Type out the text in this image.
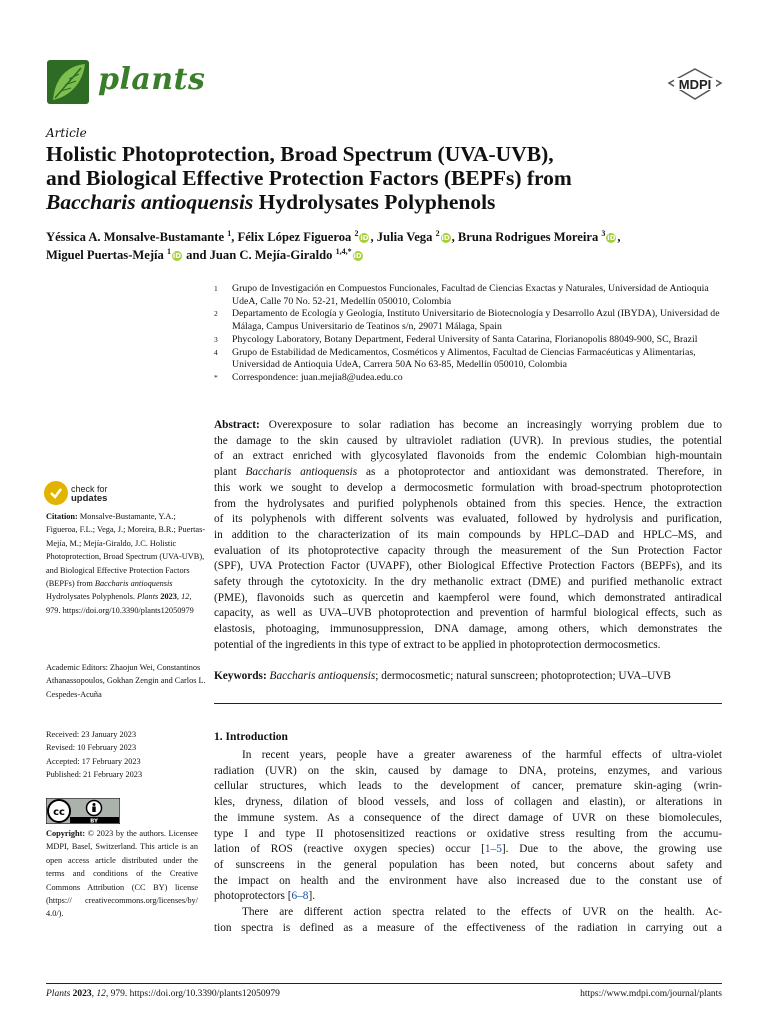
plants	MDPI
Article
Holistic Photoprotection, Broad Spectrum (UVA-UVB),
and Biological Effective Protection Factors (BEPFs) from
Baccharis antioquensis Hydrolysates Polyphenols
Yéssica A. Monsalve-Bustamante $^1$, Félix López Figueroa $^2$iD , Julia Vega $^2$iD , Bruna Rodrigues Moreira $^3$iD ,
Miguel Puertas-Mejía $^1$iD and Juan C. Mejía-Giraldo $^{1,4,*}$iD
1	Grupo de Investigación en Compuestos Funcionales, Facultad de Ciencias Exactas y Naturales, Universidad de Antioquia UdeA, Calle 70 No. 52-21, Medellín 050010, Colombia
2	Departamento de Ecología y Geología, Instituto Universitario de Biotecnología y Desarrollo Azul (IBYDA), Universidad de Málaga, Campus Universitario de Teatinos s/n, 29071 Málaga, Spain
3	Phycology Laboratory, Botany Department, Federal University of Santa Catarina, Florianopolis 88049-900, SC, Brazil
4	Grupo de Estabilidad de Medicamentos, Cosméticos y Alimentos, Facultad de Ciencias Farmacéuticas y Alimentarias, Universidad de Antioquia UdeA, Carrera 50A No 63-85, Medellín 050010, Colombia
*	Correspondence: juan.mejia8@udea.edu.co
Abstract: Overexposure to solar radiation has become an increasingly worrying problem due to
the damage to the skin caused by ultraviolet radiation (UVR). In previous studies, the potential
of an extract enriched with glycosylated flavonoids from the endemic Colombian high-mountain
plant Baccharis antioquensis as a photoprotector and antioxidant was demonstrated. Therefore, in
this work we sought to develop a dermocosmetic formulation with broad-spectrum photoprotection
from the hydrolysates and purified polyphenols obtained from this species. Hence, the extraction
of its polyphenols with different solvents was evaluated, followed by hydrolysis and purification,
in addition to the characterization of its main compounds by HPLC–DAD and HPLC–MS, and
evaluation of its photoprotective capacity through the measurement of the Sun Protection Factor
(SPF), UVA Protection Factor (UVAPF), other Biological Effective Protection Factors (BEPFs), and its
safety through the cytotoxicity. In the dry methanolic extract (DME) and purified methanolic extract
(PME), flavonoids such as quercetin and kaempferol were found, which demonstrated antiradical
capacity, as well as UVA–UVB photoprotection and prevention of harmful biological effects, such as
elastosis, photoaging, immunosuppression, DNA damage, among others, which demonstrates the
potential of the ingredients in this type of extract to be applied in photoprotection dermocosmetics.
Keywords: Baccharis antioquensis; dermocosmetic; natural sunscreen; photoprotection; UVA–UVB
check for
updates
Citation: Monsalve-Bustamante, Y.A.; Figueroa, F.L.; Vega, J.; Moreira, B.R.; Puertas-Mejía, M.; Mejía-Giraldo, J.C. Holistic Photoprotection, Broad Spectrum (UVA-UVB), and Biological Effective Protection Factors (BEPFs) from Baccharis antioquensis Hydrolysates Polyphenols. Plants 2023, 12, 979. https://doi.org/10.3390/plants12050979
Academic Editors: Zhaojun Wei, Constantinos Athanassopoulos, Gokhan Zengin and Carlos L. Cespedes-Acuña
Received: 23 January 2023
Revised: 10 February 2023
Accepted: 17 February 2023
Published: 21 February 2023
cc
BY
Copyright: © 2023 by the authors. Licensee MDPI, Basel, Switzerland. This article is an open access article distributed under the terms and conditions of the Creative Commons Attribution (CC BY) license (https:// creativecommons.org/licenses/by/ 4.0/).
1. Introduction
In recent years, people have a greater awareness of the harmful effects of ultra-violet
radiation (UVR) on the skin, caused by damage to DNA, proteins, enzymes, and various
cellular structures, which leads to the development of cancer, premature skin-aging (wrin-
kles, dryness, dilation of blood vessels, and loss of collagen and elastin), or alterations in
the immune system. As a consequence of the direct damage of UVR on these biomolecules,
type I and type II photosensitized reactions or oxidative stress resulting from the accumu-
lation of ROS (reactive oxygen species) occur [1–5]. Due to the above, the growing use
of sunscreens in the general population has been noted, but concerns about safety and
the impact on health and the environment have also increased due to the constant use of
photoprotectors [6–8].
There are different action spectra related to the effects of UVR on the health. Ac-
tion spectra is defined as a measure of the effectiveness of the radiation in carrying out a
Plants 2023, 12, 979. https://doi.org/10.3390/plants12050979	https://www.mdpi.com/journal/plants
